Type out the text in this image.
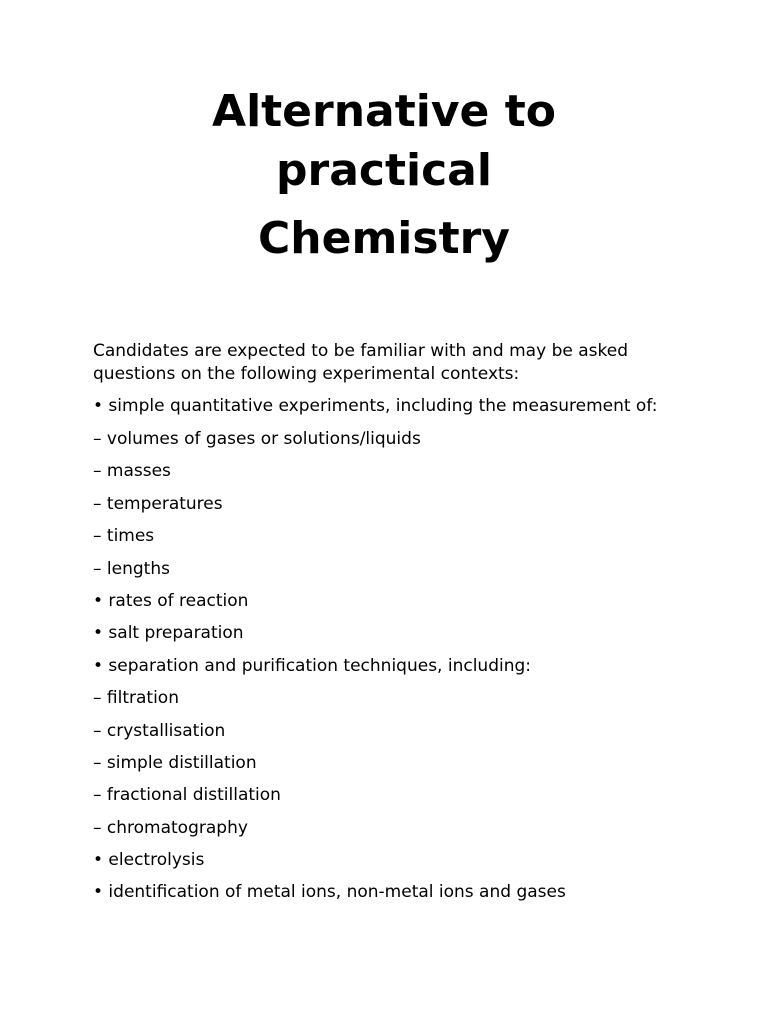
Alternative to
practical
Chemistry

Candidates are expected to be familiar with and may be asked questions on the following experimental contexts:

• simple quantitative experiments, including the measurement of:
– volumes of gases or solutions/liquids
– masses
– temperatures
– times
– lengths
• rates of reaction
• salt preparation
• separation and purification techniques, including:
– filtration
– crystallisation
– simple distillation
– fractional distillation
– chromatography
• electrolysis
• identification of metal ions, non-metal ions and gases
